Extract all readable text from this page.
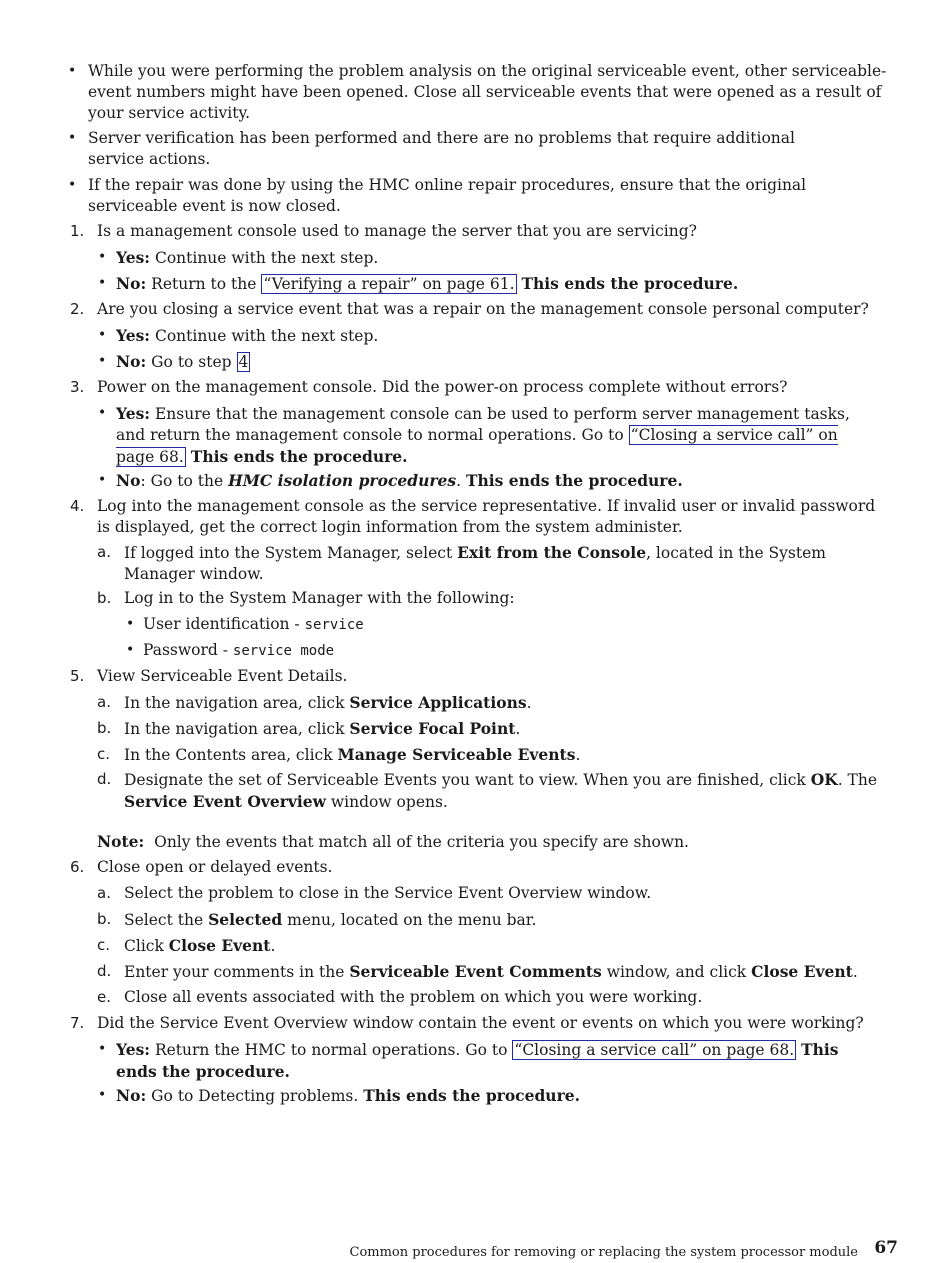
• While you were performing the problem analysis on the original serviceable event, other serviceable-event numbers might have been opened. Close all serviceable events that were opened as a result of your service activity.
• Server verification has been performed and there are no problems that require additional service actions.
• If the repair was done by using the HMC online repair procedures, ensure that the original serviceable event is now closed.
1. Is a management console used to manage the server that you are servicing?
• Yes: Continue with the next step.
• No: Return to the “Verifying a repair” on page 61. This ends the procedure.
2. Are you closing a service event that was a repair on the management console personal computer?
• Yes: Continue with the next step.
• No: Go to step 4
3. Power on the management console. Did the power-on process complete without errors?
• Yes: Ensure that the management console can be used to perform server management tasks, and return the management console to normal operations. Go to “Closing a service call” on page 68. This ends the procedure.
• No: Go to the HMC isolation procedures. This ends the procedure.
4. Log into the management console as the service representative. If invalid user or invalid password is displayed, get the correct login information from the system administer.
a. If logged into the System Manager, select Exit from the Console, located in the System Manager window.
b. Log in to the System Manager with the following:
• User identification - service
• Password - service mode
5. View Serviceable Event Details.
a. In the navigation area, click Service Applications.
b. In the navigation area, click Service Focal Point.
c. In the Contents area, click Manage Serviceable Events.
d. Designate the set of Serviceable Events you want to view. When you are finished, click OK. The Service Event Overview window opens.
Note: Only the events that match all of the criteria you specify are shown.
6. Close open or delayed events.
a. Select the problem to close in the Service Event Overview window.
b. Select the Selected menu, located on the menu bar.
c. Click Close Event.
d. Enter your comments in the Serviceable Event Comments window, and click Close Event.
e. Close all events associated with the problem on which you were working.
7. Did the Service Event Overview window contain the event or events on which you were working?
• Yes: Return the HMC to normal operations. Go to “Closing a service call” on page 68. This ends the procedure.
• No: Go to Detecting problems. This ends the procedure.
Common procedures for removing or replacing the system processor module 67
